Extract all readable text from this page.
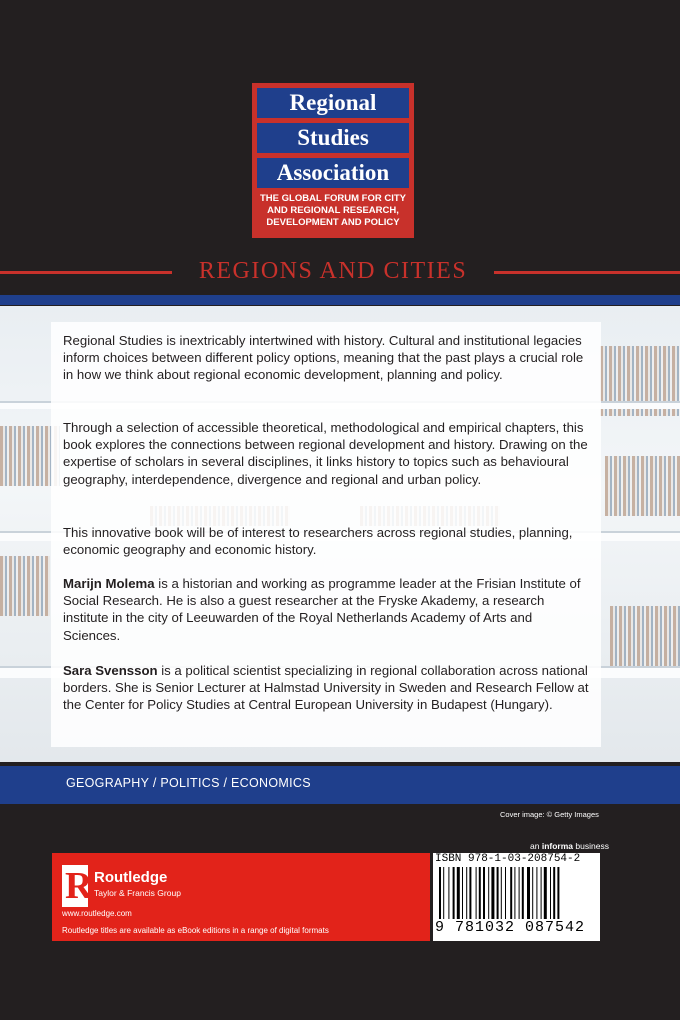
Regional
Studies
Association
THE GLOBAL FORUM FOR CITY AND REGIONAL RESEARCH, DEVELOPMENT AND POLICY
REGIONS AND CITIES

Regional Studies is inextricably intertwined with history. Cultural and institutional legacies inform choices between different policy options, meaning that the past plays a crucial role in how we think about regional economic development, planning and policy.

Through a selection of accessible theoretical, methodological and empirical chapters, this book explores the connections between regional development and history. Drawing on the expertise of scholars in several disciplines, it links history to topics such as behavioural geography, interdependence, divergence and regional and urban policy.

This innovative book will be of interest to researchers across regional studies, planning, economic geography and economic history.

Marijn Molema is a historian and working as programme leader at the Frisian Institute of Social Research. He is also a guest researcher at the Fryske Akademy, a research institute in the city of Leeuwarden of the Royal Netherlands Academy of Arts and Sciences.

Sara Svensson is a political scientist specializing in regional collaboration across national borders. She is Senior Lecturer at Halmstad University in Sweden and Research Fellow at the Center for Policy Studies at Central European University in Budapest (Hungary).

GEOGRAPHY / POLITICS / ECONOMICS
Cover image: © Getty Images
an informa business
R Routledge
Taylor & Francis Group
www.routledge.com
Routledge titles are available as eBook editions in a range of digital formats
ISBN 978-1-03-208754-2
9 781032 087542
